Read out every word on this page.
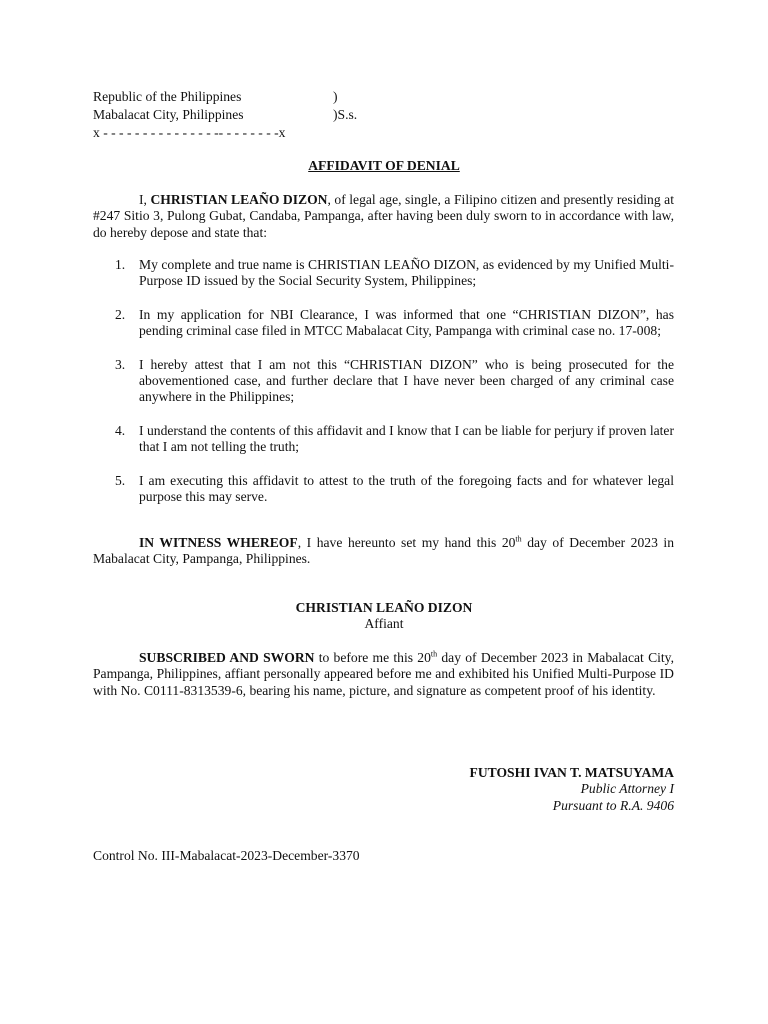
Republic of the Philippines	)
Mabalacat City, Philippines	)S.s.
x - - - - - - - - - - - - - - -- - - - - - - -x
AFFIDAVIT OF DENIAL
I, CHRISTIAN LEAÑO DIZON, of legal age, single, a Filipino citizen and presently residing at #247 Sitio 3, Pulong Gubat, Candaba, Pampanga, after having been duly sworn to in accordance with law, do hereby depose and state that:
1.	My complete and true name is CHRISTIAN LEAÑO DIZON, as evidenced by my Unified Multi-Purpose ID issued by the Social Security System, Philippines;
2.	In my application for NBI Clearance, I was informed that one “CHRISTIAN DIZON”, has pending criminal case filed in MTCC Mabalacat City, Pampanga with criminal case no. 17-008;
3.	I hereby attest that I am not this “CHRISTIAN DIZON” who is being prosecuted for the abovementioned case, and further declare that I have never been charged of any criminal case anywhere in the Philippines;
4.	I understand the contents of this affidavit and I know that I can be liable for perjury if proven later that I am not telling the truth;
5.	I am executing this affidavit to attest to the truth of the foregoing facts and for whatever legal purpose this may serve.
IN WITNESS WHEREOF, I have hereunto set my hand this 20th day of December 2023 in Mabalacat City, Pampanga, Philippines.
CHRISTIAN LEAÑO DIZON
Affiant
SUBSCRIBED AND SWORN to before me this 20th day of December 2023 in Mabalacat City, Pampanga, Philippines, affiant personally appeared before me and exhibited his Unified Multi-Purpose ID with No. C0111-8313539-6, bearing his name, picture, and signature as competent proof of his identity.
FUTOSHI IVAN T. MATSUYAMA
Public Attorney I
Pursuant to R.A. 9406
Control No. III-Mabalacat-2023-December-3370
